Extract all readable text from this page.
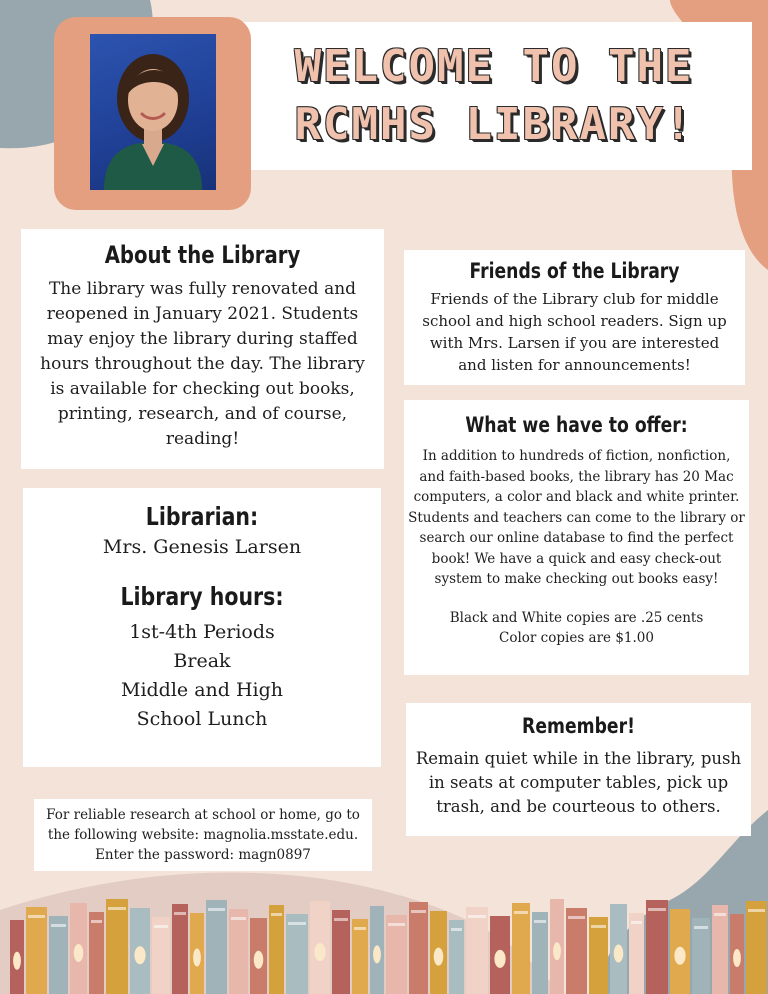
WELCOME TO THE
RCMHS LIBRARY!
About the Library
The library was fully renovated and reopened in January 2021. Students may enjoy the library during staffed hours throughout the day. The library is available for checking out books, printing, research, and of course, reading!
Librarian:
Mrs. Genesis Larsen
Library hours:
1st-4th Periods
Break
Middle and High
School Lunch
For reliable research at school or home, go to
the following website: magnolia.msstate.edu.
Enter the password: magn0897
Friends of the Library
Friends of the Library club for middle school and high school readers. Sign up with Mrs. Larsen if you are interested and listen for announcements!
What we have to offer:
In addition to hundreds of fiction, nonfiction, and faith-based books, the library has 20 Mac computers, a color and black and white printer. Students and teachers can come to the library or search our online database to find the perfect book! We have a quick and easy check-out system to make checking out books easy!
Black and White copies are .25 cents
Color copies are $1.00
Remember!
Remain quiet while in the library, push in seats at computer tables, pick up trash, and be courteous to others.
